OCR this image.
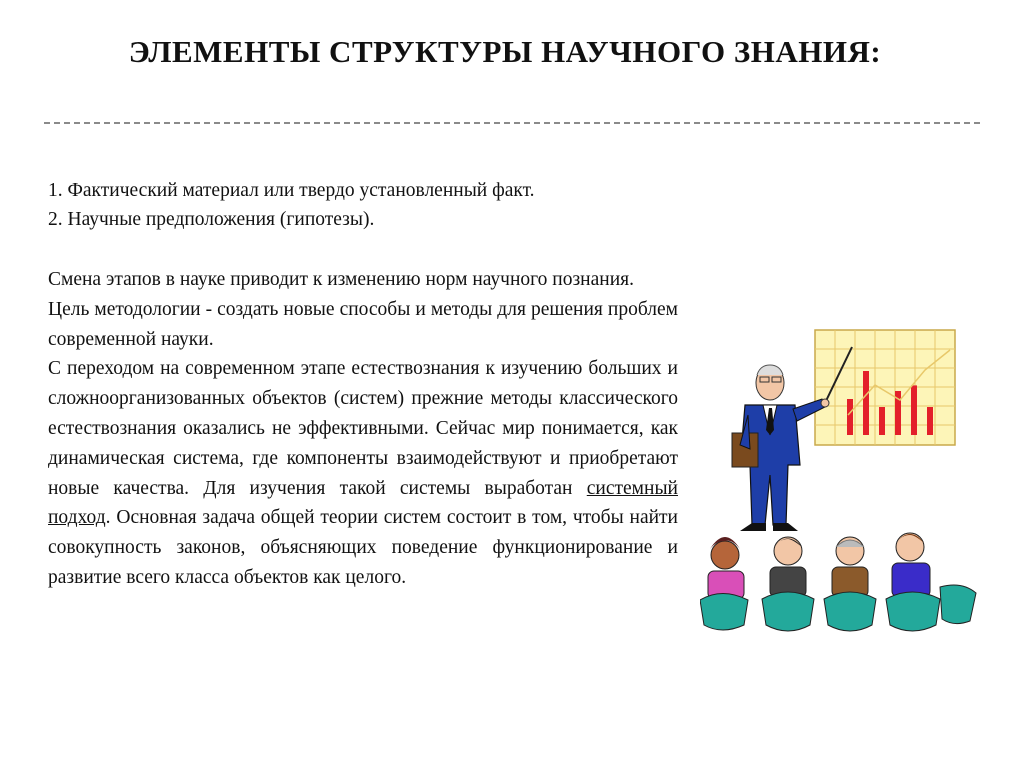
ЭЛЕМЕНТЫ СТРУКТУРЫ НАУЧНОГО ЗНАНИЯ:
1. Фактический материал или твердо установленный факт.
2. Научные предположения (гипотезы).

Смена этапов в науке приводит к изменению норм научного познания.

Цель методологии - создать новые способы и методы для решения проблем современной науки.

С переходом на современном этапе естествознания к изучению больших и сложноорганизованных объектов (систем) прежние методы классического естествознания оказались не эффективными. Сейчас мир понимается, как динамическая система, где компоненты взаимодействуют и приобретают новые качества. Для изучения такой системы выработан системный подход. Основная задача общей теории систем состоит в том, чтобы найти совокупность законов, объясняющих поведение функционирование и развитие всего класса объектов как целого.
